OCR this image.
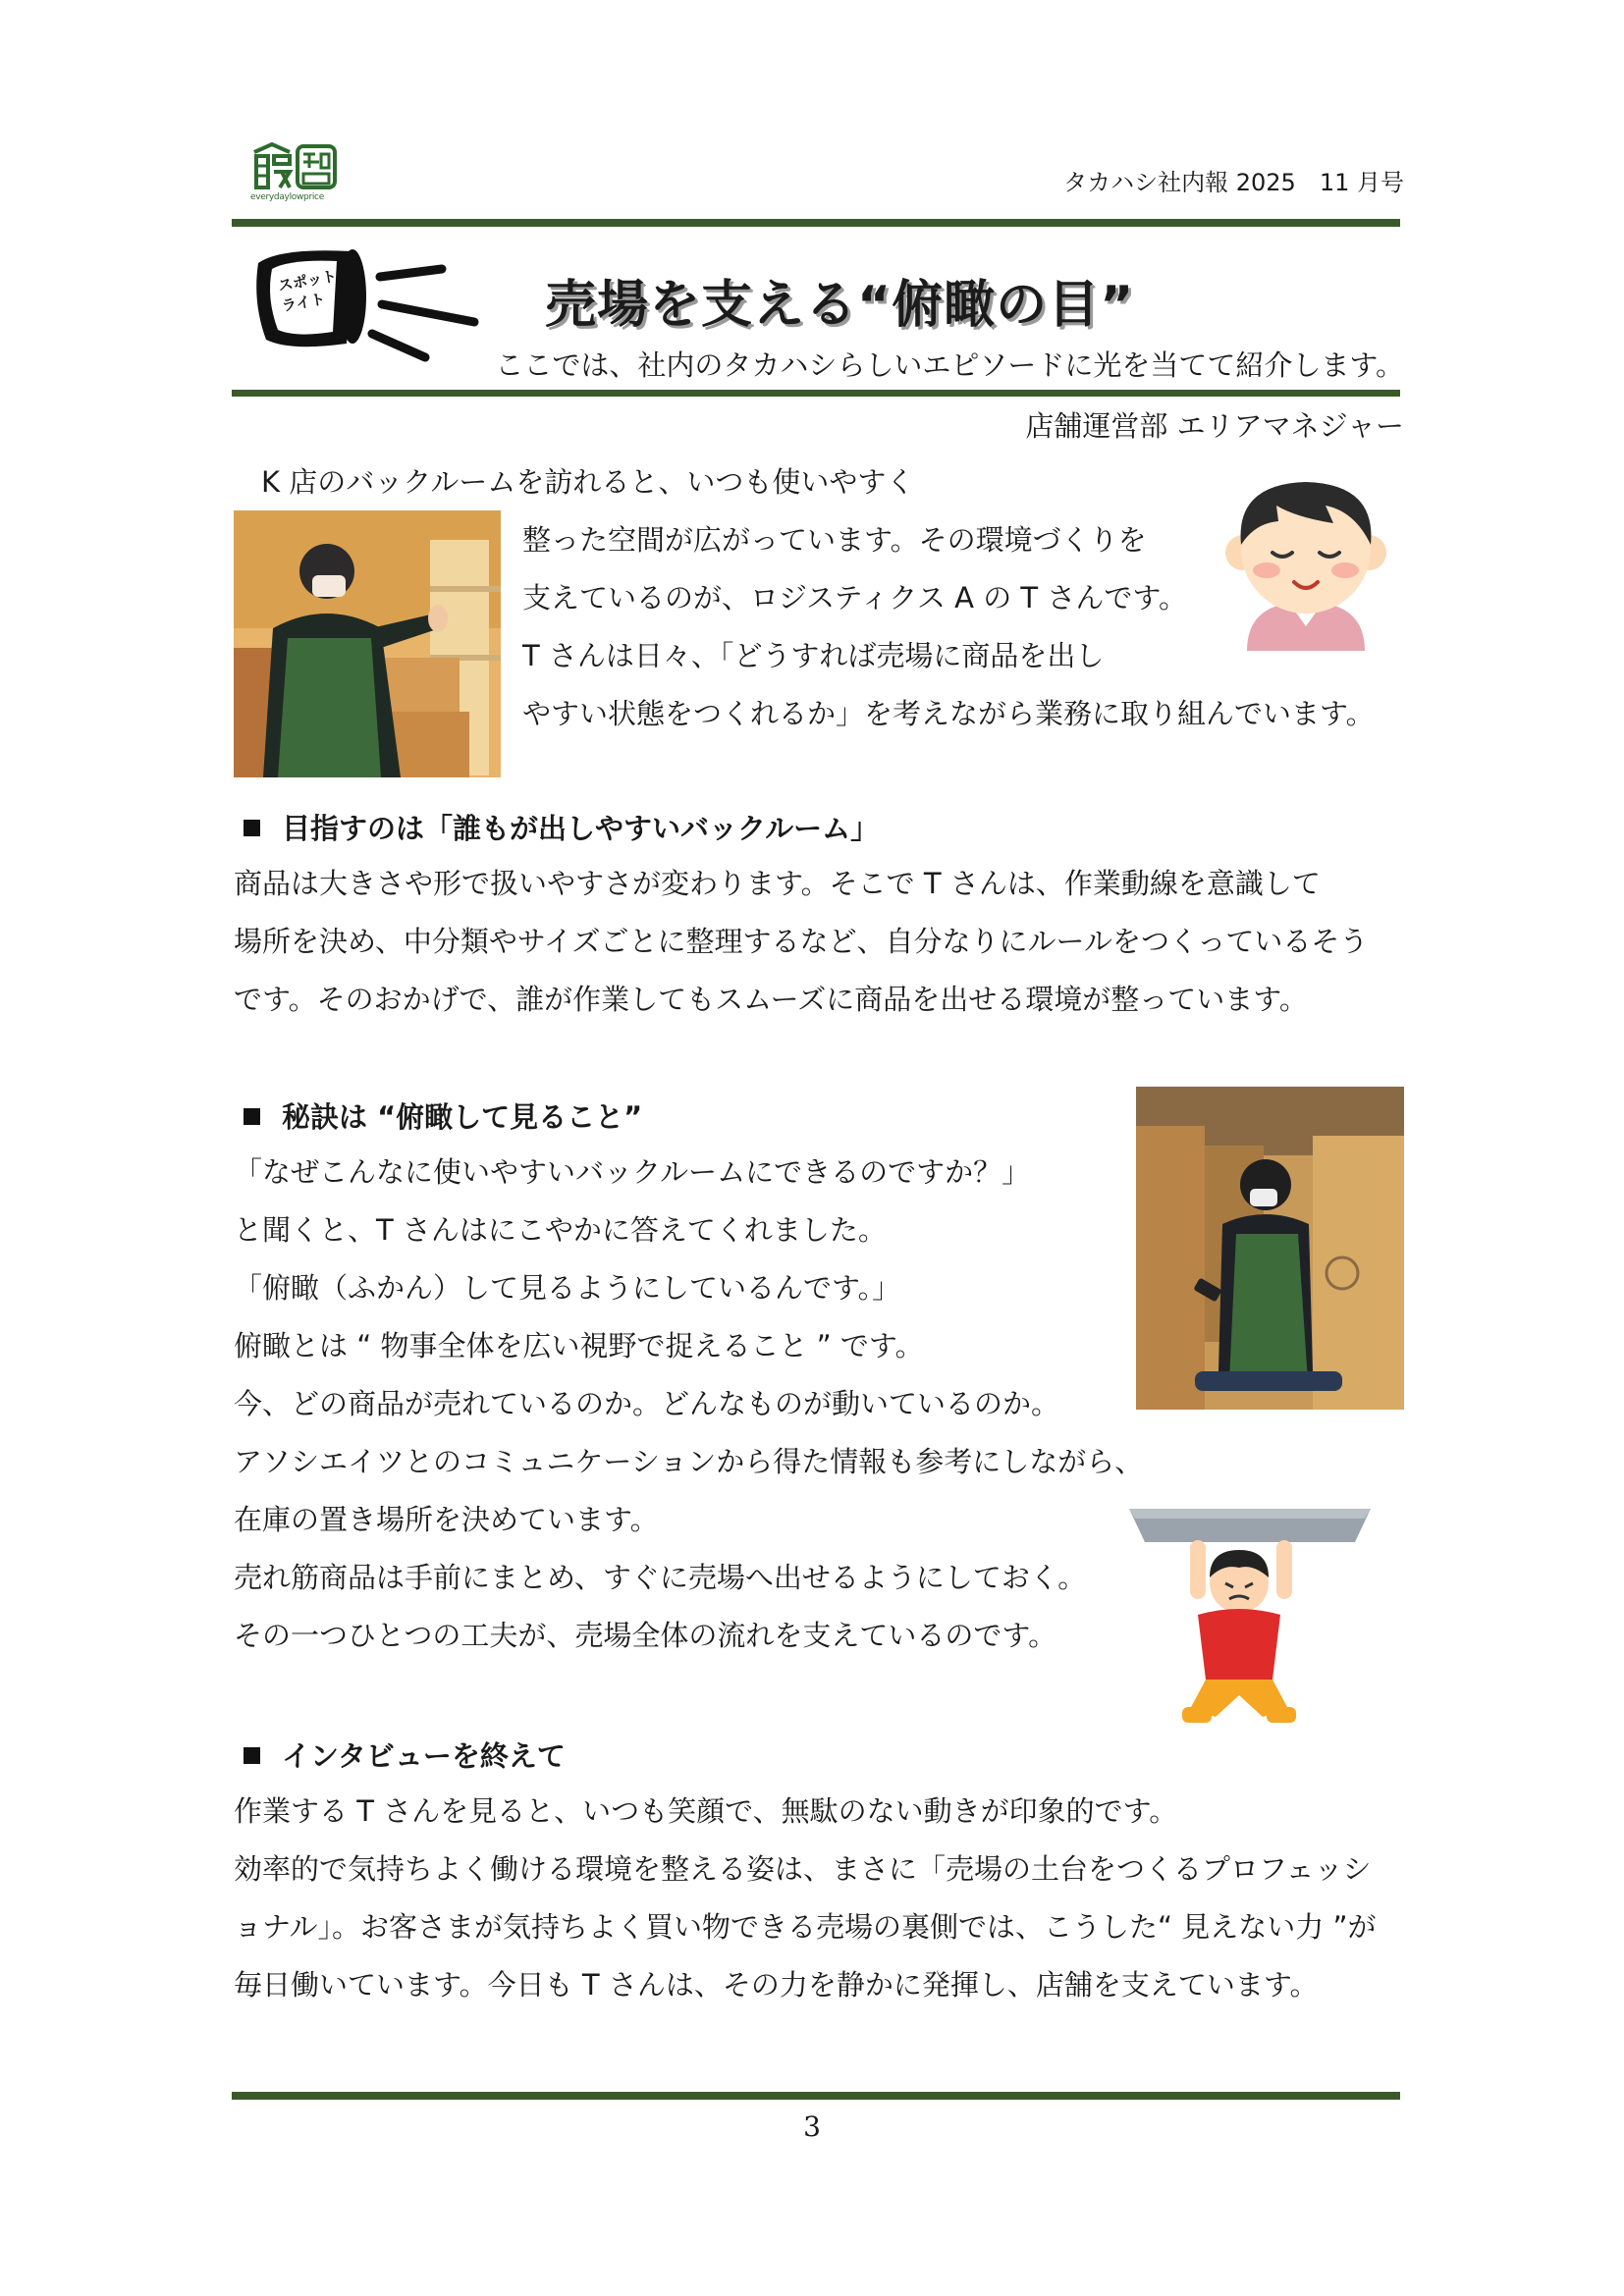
everydaylowprice
タカハシ社内報 2025　11 月号
スポット
ライト	売場を支える“俯瞰の目”
ここでは、社内のタカハシらしいエピソードに光を当てて紹介します。
店舗運営部 エリアマネジャー
K 店のバックルームを訪れると、いつも使いやすく
整った空間が広がっています。その環境づくりを
支えているのが、ロジスティクス A の T さんです。
T さんは日々、「どうすれば売場に商品を出し
やすい状態をつくれるか」を考えながら業務に取り組んでいます。
目指すのは「誰もが出しやすいバックルーム」
商品は大きさや形で扱いやすさが変わります。そこで T さんは、作業動線を意識して
場所を決め、中分類やサイズごとに整理するなど、自分なりにルールをつくっているそう
です。そのおかげで、誰が作業してもスムーズに商品を出せる環境が整っています。
秘訣は “俯瞰して見ること”
「なぜこんなに使いやすいバックルームにできるのですか？」
と聞くと、T さんはにこやかに答えてくれました。
「俯瞰（ふかん）して見るようにしているんです。」
俯瞰とは “ 物事全体を広い視野で捉えること ” です。
今、どの商品が売れているのか。どんなものが動いているのか。
アソシエイツとのコミュニケーションから得た情報も参考にしながら、
在庫の置き場所を決めています。
売れ筋商品は手前にまとめ、すぐに売場へ出せるようにしておく。
その一つひとつの工夫が、売場全体の流れを支えているのです。
インタビューを終えて
作業する T さんを見ると、いつも笑顔で、無駄のない動きが印象的です。
効率的で気持ちよく働ける環境を整える姿は、まさに「売場の土台をつくるプロフェッシ
ョナル」。お客さまが気持ちよく買い物できる売場の裏側では、こうした“ 見えない力 ”が
毎日働いています。今日も T さんは、その力を静かに発揮し、店舗を支えています。
3
